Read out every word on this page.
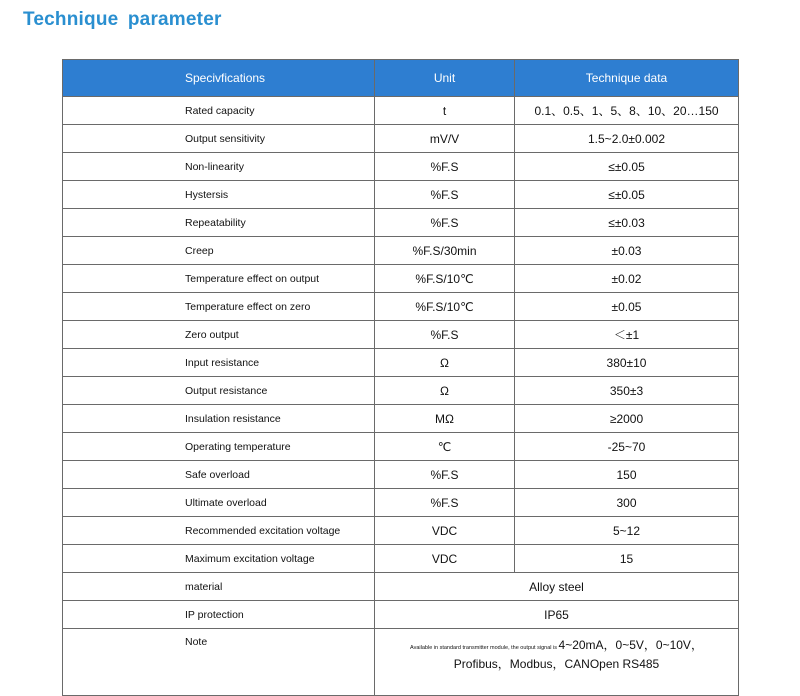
Technique parameter
Specivfications	Unit	Technique data
Rated capacity	t	0.1、0.5、1、5、8、10、20…150
Output sensitivity	mV/V	1.5~2.0±0.002
Non-linearity	%F.S	≤±0.05
Hystersis	%F.S	≤±0.05
Repeatability	%F.S	≤±0.03
Creep	%F.S/30min	±0.03
Temperature effect on output	%F.S/10℃	±0.02
Temperature effect on zero	%F.S/10℃	±0.05
Zero output	%F.S	＜±1
Input resistance	Ω	380±10
Output resistance	Ω	350±3
Insulation resistance	MΩ	≥2000
Operating temperature	℃	-25~70
Safe overload	%F.S	150
Ultimate overload	%F.S	300
Recommended excitation voltage	VDC	5~12
Maximum excitation voltage	VDC	15
material	Alloy steel	
IP protection	IP65	
Note	Available in standard transmitter module, the output signal is 4~20mA，0~5V，0~10V，
Profibus，Modbus，CANOpen RS485	
